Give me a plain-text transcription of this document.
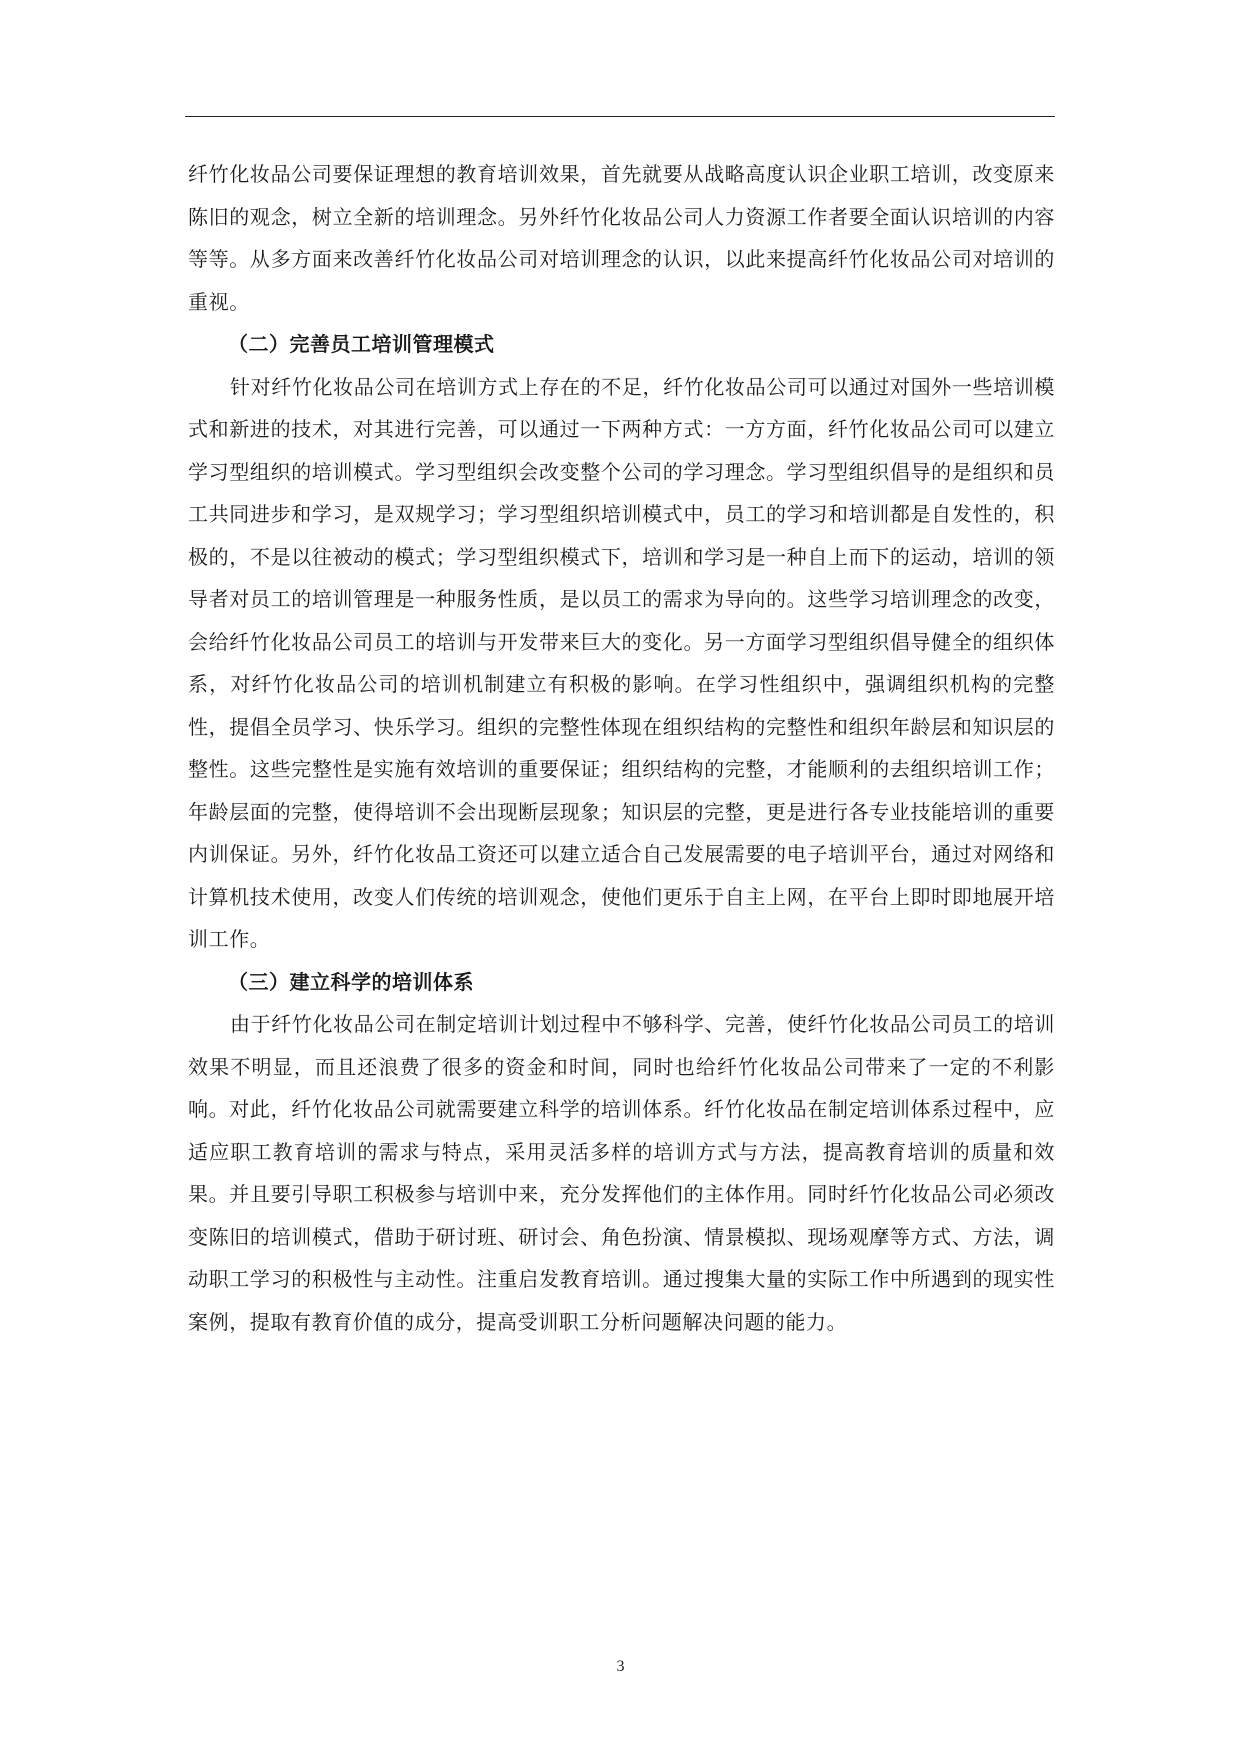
纤竹化妆品公司要保证理想的教育培训效果，首先就要从战略高度认识企业职工培训，改变原来陈旧的观念，树立全新的培训理念。另外纤竹化妆品公司人力资源工作者要全面认识培训的内容等等。从多方面来改善纤竹化妆品公司对培训理念的认识，以此来提高纤竹化妆品公司对培训的重视。

（二）完善员工培训管理模式

针对纤竹化妆品公司在培训方式上存在的不足，纤竹化妆品公司可以通过对国外一些培训模式和新进的技术，对其进行完善，可以通过一下两种方式：一方方面，纤竹化妆品公司可以建立学习型组织的培训模式。学习型组织会改变整个公司的学习理念。学习型组织倡导的是组织和员工共同进步和学习，是双规学习；学习型组织培训模式中，员工的学习和培训都是自发性的，积极的，不是以往被动的模式；学习型组织模式下，培训和学习是一种自上而下的运动，培训的领导者对员工的培训管理是一种服务性质，是以员工的需求为导向的。这些学习培训理念的改变，会给纤竹化妆品公司员工的培训与开发带来巨大的变化。另一方面学习型组织倡导健全的组织体系，对纤竹化妆品公司的培训机制建立有积极的影响。在学习性组织中，强调组织机构的完整性，提倡全员学习、快乐学习。组织的完整性体现在组织结构的完整性和组织年龄层和知识层的整性。这些完整性是实施有效培训的重要保证；组织结构的完整，才能顺利的去组织培训工作；年龄层面的完整，使得培训不会出现断层现象；知识层的完整，更是进行各专业技能培训的重要内训保证。另外，纤竹化妆品工资还可以建立适合自己发展需要的电子培训平台，通过对网络和计算机技术使用，改变人们传统的培训观念，使他们更乐于自主上网，在平台上即时即地展开培训工作。

（三）建立科学的培训体系

由于纤竹化妆品公司在制定培训计划过程中不够科学、完善，使纤竹化妆品公司员工的培训效果不明显，而且还浪费了很多的资金和时间，同时也给纤竹化妆品公司带来了一定的不利影响。对此，纤竹化妆品公司就需要建立科学的培训体系。纤竹化妆品在制定培训体系过程中，应适应职工教育培训的需求与特点，采用灵活多样的培训方式与方法，提高教育培训的质量和效果。并且要引导职工积极参与培训中来，充分发挥他们的主体作用。同时纤竹化妆品公司必须改变陈旧的培训模式，借助于研讨班、研讨会、角色扮演、情景模拟、现场观摩等方式、方法，调动职工学习的积极性与主动性。注重启发教育培训。通过搜集大量的实际工作中所遇到的现实性案例，提取有教育价值的成分，提高受训职工分析问题解决问题的能力。

3
